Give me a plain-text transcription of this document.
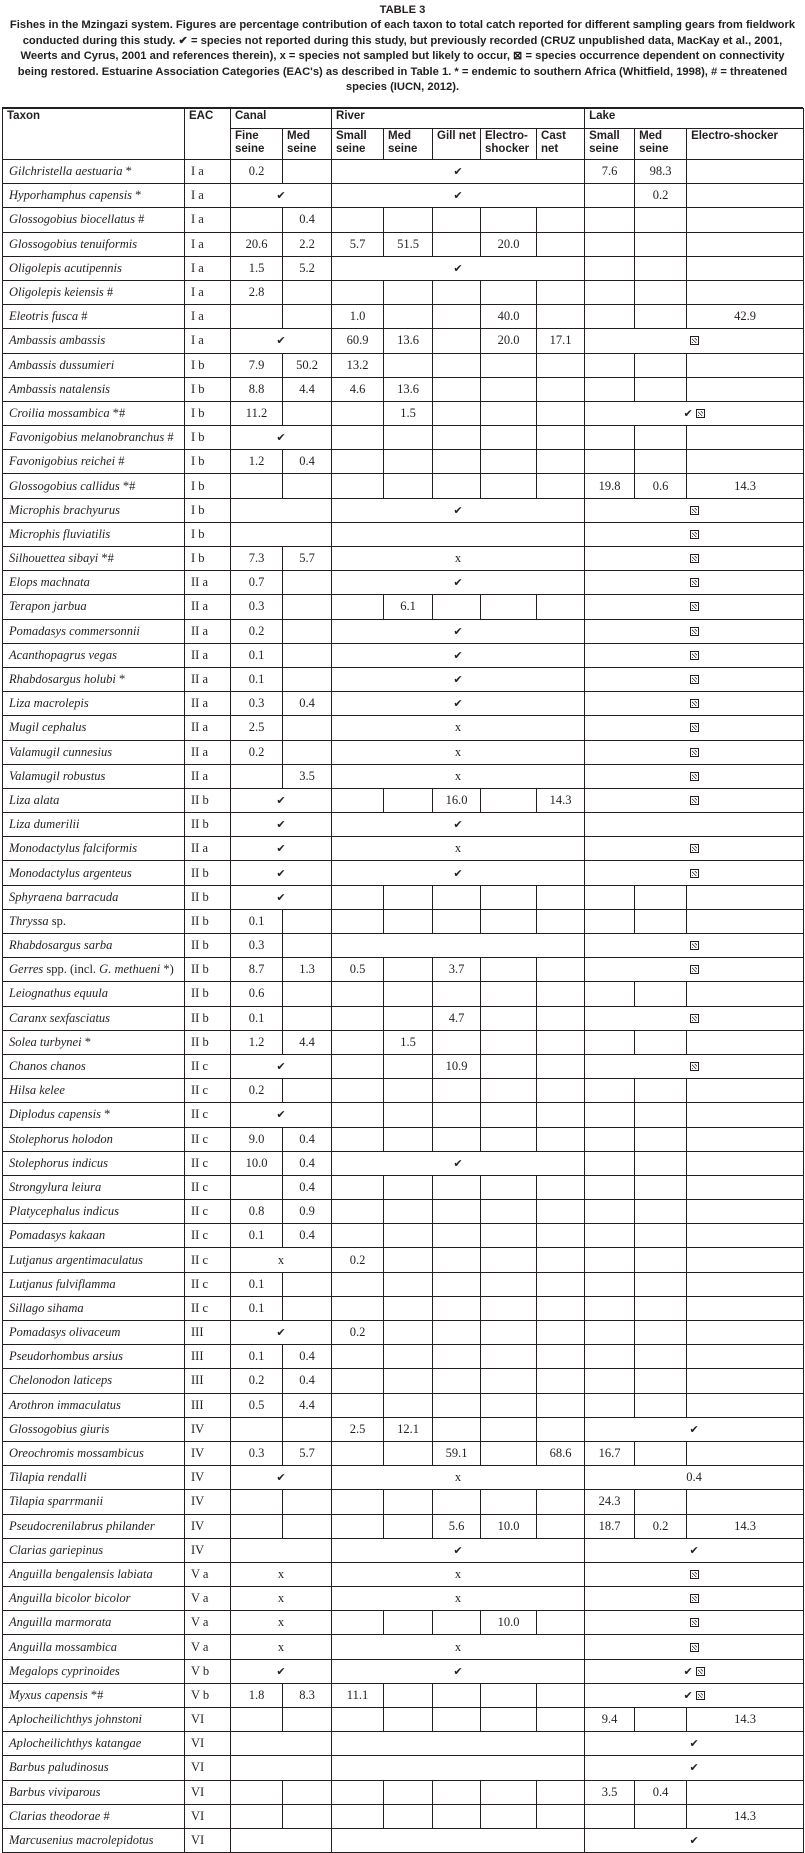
TABLE 3
Fishes in the Mzingazi system. Figures are percentage contribution of each taxon to total catch reported for different sampling gears from fieldwork conducted during this study. ✔ = species not reported during this study, but previously recorded (CRUZ unpublished data, MacKay et al., 2001, Weerts and Cyrus, 2001 and references therein), x = species not sampled but likely to occur, ⊠ = species occurrence dependent on connectivity being restored. Estuarine Association Categories (EAC's) as described in Table 1. * = endemic to southern Africa (Whitfield, 1998), # = threatened species (IUCN, 2012).
Taxon	EAC	Canal		River					Lake		
		Fine seine	Med seine	Small seine	Med seine	Gill net	Electro-shocker	Cast net	Small seine	Med seine	Electro-shocker
Gilchristella aestuaria *	I a	0.2		✔					7.6	98.3	
Hyporhamphus capensis *	I a	✔		✔						0.2	
Glossogobius biocellatus #	I a		0.4								
Glossogobius tenuiformis	I a	20.6	2.2	5.7	51.5		20.0				
Oligolepis acutipennis	I a	1.5	5.2	✔							
Oligolepis keiensis #	I a	2.8									
Eleotris fusca #	I a			1.0			40.0				42.9
Ambassis ambassis	I a	✔		60.9	13.6		20.0	17.1			
Ambassis dussumieri	I b	7.9	50.2	13.2							
Ambassis natalensis	I b	8.8	4.4	4.6	13.6						
Croilia mossambica *#	I b	11.2			1.5				✔		
Favonigobius melanobranchus #	I b	✔									
Favonigobius reichei #	I b	1.2	0.4								
Glossogobius callidus *#	I b								19.8	0.6	14.3
Microphis brachyurus	I b			✔							
Microphis fluviatilis	I b										
Silhouettea sibayi *#	I b	7.3	5.7	x							
Elops machnata	II a	0.7		✔							
Terapon jarbua	II a	0.3			6.1						
Pomadasys commersonnii	II a	0.2		✔							
Acanthopagrus vegas	II a	0.1		✔							
Rhabdosargus holubi *	II a	0.1		✔							
Liza macrolepis	II a	0.3	0.4	✔							
Mugil cephalus	II a	2.5		x							
Valamugil cunnesius	II a	0.2		x							
Valamugil robustus	II a		3.5	x							
Liza alata	II b	✔				16.0		14.3			
Liza dumerilii	II b	✔		✔							
Monodactylus falciformis	II a	✔		x							
Monodactylus argenteus	II b	✔		✔							
Sphyraena barracuda	II b	✔									
Thryssa sp.	II b	0.1									
Rhabdosargus sarba	II b	0.3									
Gerres spp. (incl. G. methueni *)	II b	8.7	1.3	0.5		3.7					
Leiognathus equula	II b	0.6									
Caranx sexfasciatus	II b	0.1				4.7					
Solea turbynei *	II b	1.2	4.4		1.5						
Chanos chanos	II c	✔				10.9					
Hilsa kelee	II c	0.2									
Diplodus capensis *	II c	✔									
Stolephorus holodon	II c	9.0	0.4								
Stolephorus indicus	II c	10.0	0.4	✔							
Strongylura leiura	II c		0.4								
Platycephalus indicus	II c	0.8	0.9								
Pomadasys kakaan	II c	0.1	0.4								
Lutjanus argentimaculatus	II c	x		0.2							
Lutjanus fulviflamma	II c	0.1									
Sillago sihama	II c	0.1									
Pomadasys olivaceum	III	✔		0.2							
Pseudorhombus arsius	III	0.1	0.4								
Chelonodon laticeps	III	0.2	0.4								
Arothron immaculatus	III	0.5	4.4								
Glossogobius giuris	IV			2.5	12.1				✔		
Oreochromis mossambicus	IV	0.3	5.7			59.1		68.6	16.7		
Tilapia rendalli	IV	✔		x					0.4		
Tilapia sparrmanii	IV								24.3		
Pseudocrenilabrus philander	IV					5.6	10.0		18.7	0.2	14.3
Clarias gariepinus	IV			✔					✔		
Anguilla bengalensis labiata	V a	x		x							
Anguilla bicolor bicolor	V a	x		x							
Anguilla marmorata	V a	x					10.0				
Anguilla mossambica	V a	x		x							
Megalops cyprinoides	V b	✔		✔					✔		
Myxus capensis *#	V b	1.8	8.3	11.1					✔		
Aplocheilichthys johnstoni	VI								9.4		14.3
Aplocheilichthys katangae	VI								✔		
Barbus paludinosus	VI								✔		
Barbus viviparous	VI								3.5	0.4	
Clarias theodorae #	VI										14.3
Marcusenius macrolepidotus	VI								✔		
